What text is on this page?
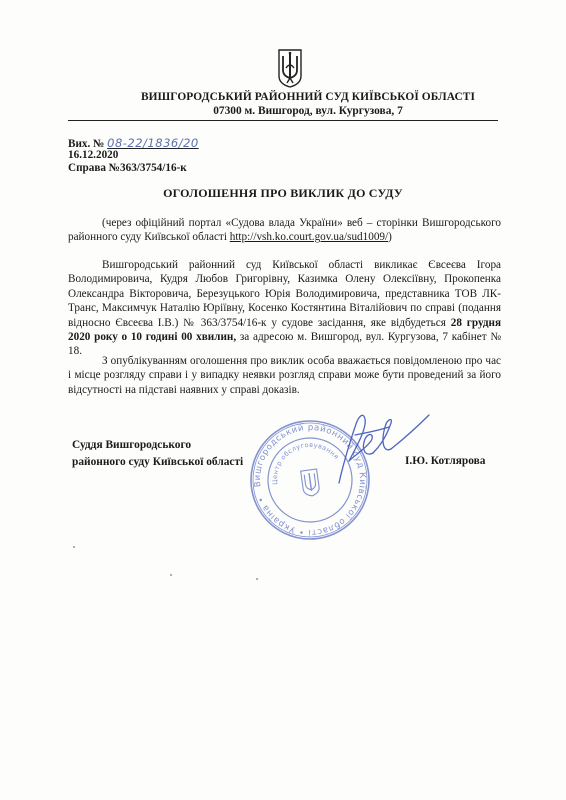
ВИШГОРОДСЬКИЙ РАЙОННИЙ СУД КИЇВСЬКОЇ ОБЛАСТІ
07300 м. Вишгород, вул. Кургузова, 7
Вих. № 08-22/1836/20
16.12.2020
Справа №363/3754/16-к
ОГОЛОШЕННЯ ПРО ВИКЛИК ДО СУДУ
(через офіційний портал «Судова влада України» веб – сторінки Вишгородського районного суду Київської області http://vsh.ko.court.gov.ua/sud1009/)
Вишгородський районний суд Київської області викликає Євсеєва Ігора Володимировича, Кудря Любов Григорівну, Казимка Олену Олексіївну, Прокопенка Олександра Вікторовича, Березуцького Юрія Володимировича, представника ТОВ ЛК-Транс, Максимчук Наталію Юріївну, Косенко Костянтина Віталійович по справі (подання відносно Євсеєва І.В.) № 363/3754/16-к у судове засідання, яке відбудеться 28 грудня 2020 року о 10 годині 00 хвилин, за адресою м. Вишгород, вул. Кургузова, 7 кабінет № 18.
З опублікуванням оголошення про виклик особа вважається повідомленою про час і місце розгляду справи і у випадку неявки розгляд справи може бути проведений за його відсутності на підставі наявних у справі доказів.
Суддя Вишгородського
районного суду Київської області	І.Ю. Котлярова
Вишгородський районний суд Київської області • Україна •
Центр обслуговування
